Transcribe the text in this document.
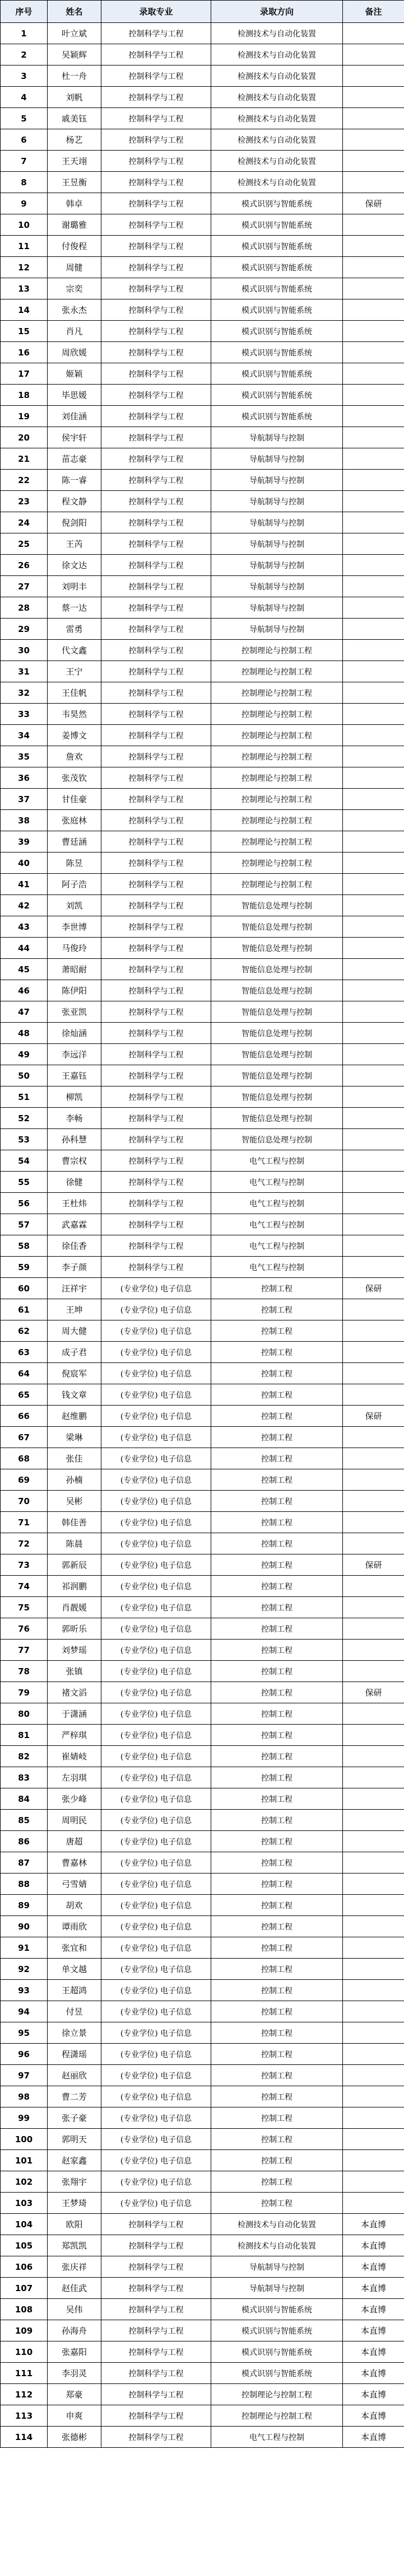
序号	姓名	录取专业	录取方向	备注
1	叶立斌	控制科学与工程	检测技术与自动化装置	
2	吴颖辉	控制科学与工程	检测技术与自动化装置	
3	杜一舟	控制科学与工程	检测技术与自动化装置	
4	刘帆	控制科学与工程	检测技术与自动化装置	
5	戚美钰	控制科学与工程	检测技术与自动化装置	
6	杨艺	控制科学与工程	检测技术与自动化装置	
7	王天翊	控制科学与工程	检测技术与自动化装置	
8	王昱衡	控制科学与工程	检测技术与自动化装置	
9	韩卓	控制科学与工程	模式识别与智能系统	保研
10	谢璐雅	控制科学与工程	模式识别与智能系统	
11	付俊程	控制科学与工程	模式识别与智能系统	
12	周健	控制科学与工程	模式识别与智能系统	
13	宗奕	控制科学与工程	模式识别与智能系统	
14	张永杰	控制科学与工程	模式识别与智能系统	
15	肖凡	控制科学与工程	模式识别与智能系统	
16	周欣媛	控制科学与工程	模式识别与智能系统	
17	姬颖	控制科学与工程	模式识别与智能系统	
18	毕思媛	控制科学与工程	模式识别与智能系统	
19	刘佳涵	控制科学与工程	模式识别与智能系统	
20	侯宇轩	控制科学与工程	导航制导与控制	
21	苗志豪	控制科学与工程	导航制导与控制	
22	陈一睿	控制科学与工程	导航制导与控制	
23	程文静	控制科学与工程	导航制导与控制	
24	倪剑阳	控制科学与工程	导航制导与控制	
25	王芮	控制科学与工程	导航制导与控制	
26	徐文达	控制科学与工程	导航制导与控制	
27	刘明丰	控制科学与工程	导航制导与控制	
28	蔡一达	控制科学与工程	导航制导与控制	
29	雷勇	控制科学与工程	导航制导与控制	
30	代文鑫	控制科学与工程	控制理论与控制工程	
31	王宁	控制科学与工程	控制理论与控制工程	
32	王佳帆	控制科学与工程	控制理论与控制工程	
33	韦昊然	控制科学与工程	控制理论与控制工程	
34	姜博文	控制科学与工程	控制理论与控制工程	
35	詹欢	控制科学与工程	控制理论与控制工程	
36	张茂钦	控制科学与工程	控制理论与控制工程	
37	甘佳豪	控制科学与工程	控制理论与控制工程	
38	张庭林	控制科学与工程	控制理论与控制工程	
39	曹廷涵	控制科学与工程	控制理论与控制工程	
40	陈昱	控制科学与工程	控制理论与控制工程	
41	阿子浩	控制科学与工程	控制理论与控制工程	
42	刘凯	控制科学与工程	智能信息处理与控制	
43	李世博	控制科学与工程	智能信息处理与控制	
44	马俊玲	控制科学与工程	智能信息处理与控制	
45	萧昭耐	控制科学与工程	智能信息处理与控制	
46	陈伊阳	控制科学与工程	智能信息处理与控制	
47	张亚凯	控制科学与工程	智能信息处理与控制	
48	徐灿涵	控制科学与工程	智能信息处理与控制	
49	李远洋	控制科学与工程	智能信息处理与控制	
50	王嘉钰	控制科学与工程	智能信息处理与控制	
51	柳凯	控制科学与工程	智能信息处理与控制	
52	李畅	控制科学与工程	智能信息处理与控制	
53	孙科慧	控制科学与工程	智能信息处理与控制	
54	曹宗权	控制科学与工程	电气工程与控制	
55	徐健	控制科学与工程	电气工程与控制	
56	王杜炜	控制科学与工程	电气工程与控制	
57	武嘉霖	控制科学与工程	电气工程与控制	
58	徐佳香	控制科学与工程	电气工程与控制	
59	李子颜	控制科学与工程	电气工程与控制	
60	汪祥宇	(专业学位) 电子信息	控制工程	保研
61	王坤	(专业学位) 电子信息	控制工程	
62	周大健	(专业学位) 电子信息	控制工程	
63	成子君	(专业学位) 电子信息	控制工程	
64	倪宸军	(专业学位) 电子信息	控制工程	
65	钱文章	(专业学位) 电子信息	控制工程	
66	赵维鹏	(专业学位) 电子信息	控制工程	保研
67	梁琳	(专业学位) 电子信息	控制工程	
68	张佳	(专业学位) 电子信息	控制工程	
69	孙楠	(专业学位) 电子信息	控制工程	
70	吴彬	(专业学位) 电子信息	控制工程	
71	韩佳善	(专业学位) 电子信息	控制工程	
72	陈晨	(专业学位) 电子信息	控制工程	
73	郭新辰	(专业学位) 电子信息	控制工程	保研
74	祁润鹏	(专业学位) 电子信息	控制工程	
75	肖靓媛	(专业学位) 电子信息	控制工程	
76	郭昕乐	(专业学位) 电子信息	控制工程	
77	刘梦瑶	(专业学位) 电子信息	控制工程	
78	张镇	(专业学位) 电子信息	控制工程	
79	褚文滔	(专业学位) 电子信息	控制工程	保研
80	于潇涵	(专业学位) 电子信息	控制工程	
81	严梓琪	(专业学位) 电子信息	控制工程	
82	崔婧岐	(专业学位) 电子信息	控制工程	
83	左羽琪	(专业学位) 电子信息	控制工程	
84	张少峰	(专业学位) 电子信息	控制工程	
85	周明民	(专业学位) 电子信息	控制工程	
86	唐超	(专业学位) 电子信息	控制工程	
87	曹嘉林	(专业学位) 电子信息	控制工程	
88	弓雪婧	(专业学位) 电子信息	控制工程	
89	胡欢	(专业学位) 电子信息	控制工程	
90	谭雨欣	(专业学位) 电子信息	控制工程	
91	张宜和	(专业学位) 电子信息	控制工程	
92	单文越	(专业学位) 电子信息	控制工程	
93	王超鸿	(专业学位) 电子信息	控制工程	
94	付昱	(专业学位) 电子信息	控制工程	
95	徐立景	(专业学位) 电子信息	控制工程	
96	程潇瑶	(专业学位) 电子信息	控制工程	
97	赵丽欣	(专业学位) 电子信息	控制工程	
98	曹二芳	(专业学位) 电子信息	控制工程	
99	张子豪	(专业学位) 电子信息	控制工程	
100	郭明天	(专业学位) 电子信息	控制工程	
101	赵家鑫	(专业学位) 电子信息	控制工程	
102	张翔宇	(专业学位) 电子信息	控制工程	
103	王梦琦	(专业学位) 电子信息	控制工程	
104	欧阳	控制科学与工程	检测技术与自动化装置	本直博
105	郑凯凯	控制科学与工程	检测技术与自动化装置	本直博
106	张庆祥	控制科学与工程	导航制导与控制	本直博
107	赵佳武	控制科学与工程	导航制导与控制	本直博
108	吴伟	控制科学与工程	模式识别与智能系统	本直博
109	孙海舟	控制科学与工程	模式识别与智能系统	本直博
110	张嘉阳	控制科学与工程	模式识别与智能系统	本直博
111	李羽灵	控制科学与工程	模式识别与智能系统	本直博
112	郑豪	控制科学与工程	控制理论与控制工程	本直博
113	申爽	控制科学与工程	控制理论与控制工程	本直博
114	张德彬	控制科学与工程	电气工程与控制	本直博
